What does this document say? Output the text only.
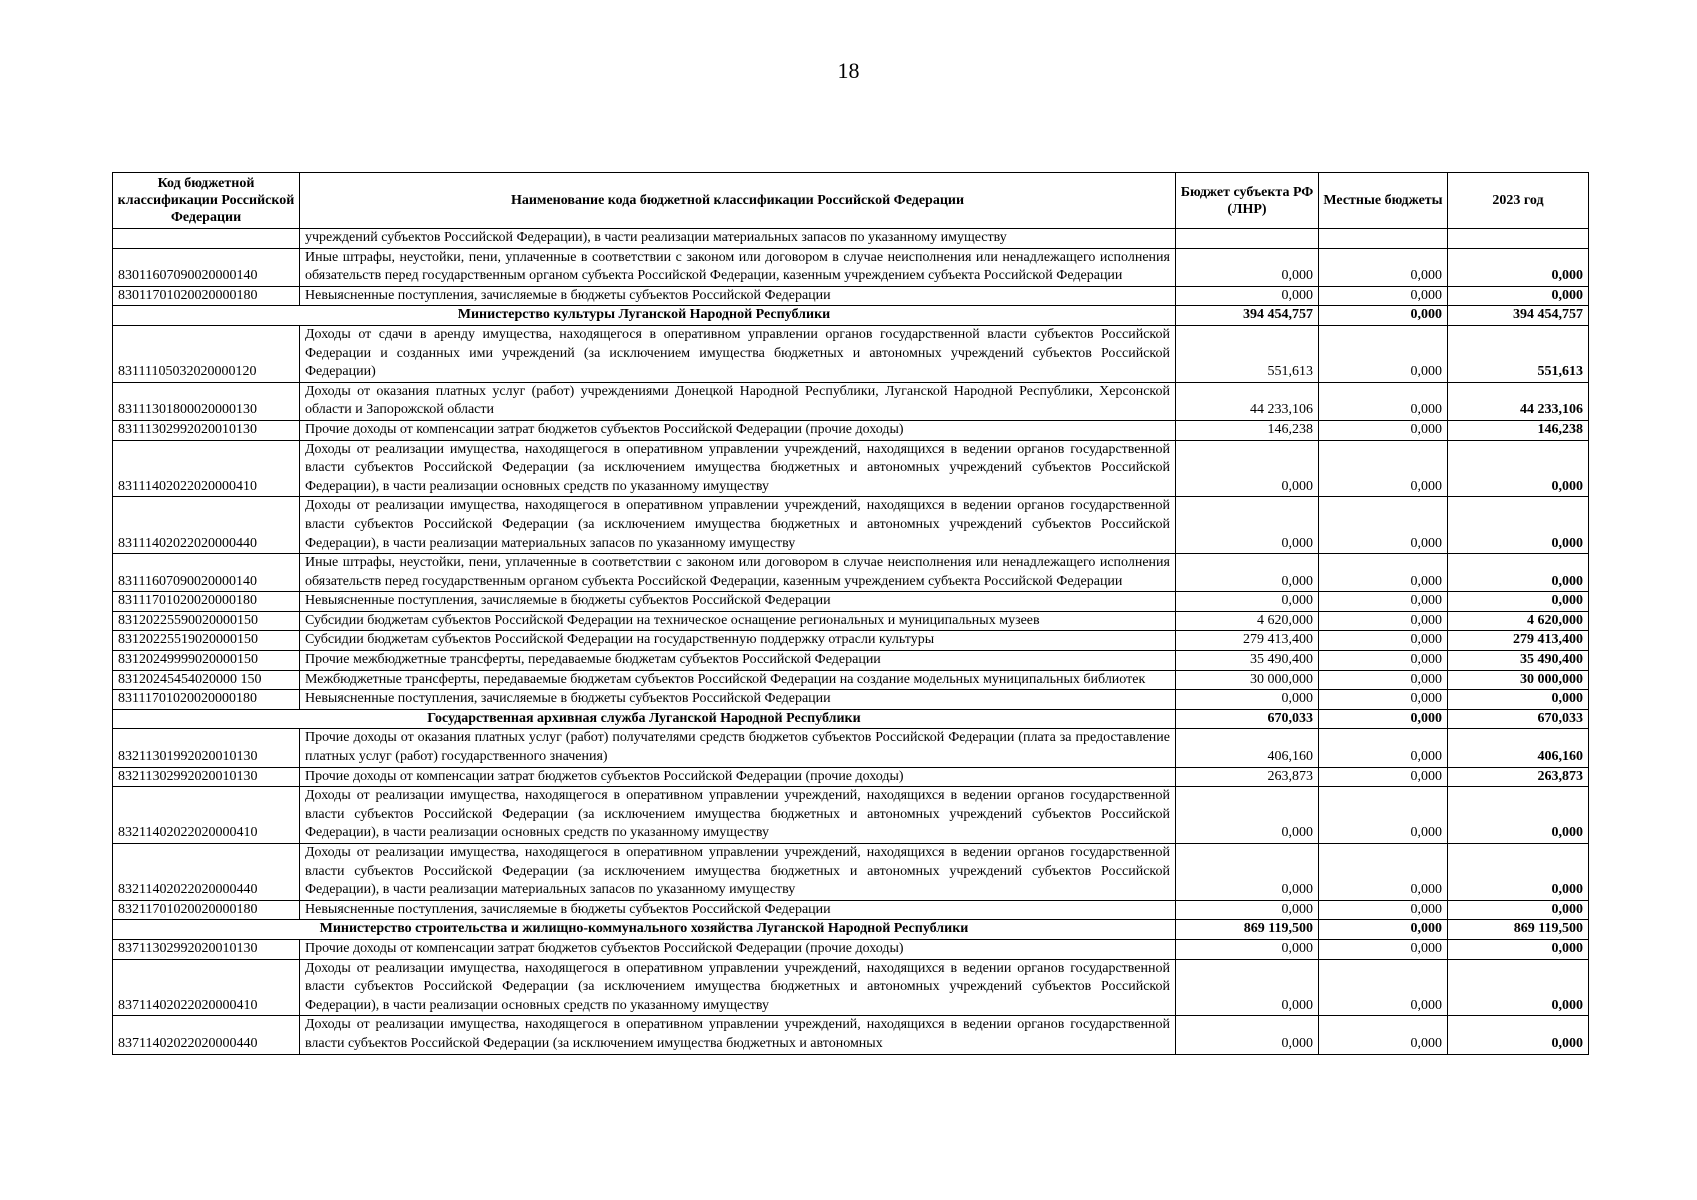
18
Код бюджетной классификации Российской Федерации	Наименование кода бюджетной классификации Российской Федерации	Бюджет субъекта РФ (ЛНР)	Местные бюджеты	2023 год
	учреждений субъектов Российской Федерации), в части реализации материальных запасов по указанному имуществу			
83011607090020000140	Иные штрафы, неустойки, пени, уплаченные в соответствии с законом или договором в случае неисполнения или ненадлежащего исполнения обязательств перед государственным органом субъекта Российской Федерации, казенным учреждением субъекта Российской Федерации	0,000	0,000	0,000
83011701020020000180	Невыясненные поступления, зачисляемые в бюджеты субъектов Российской Федерации	0,000	0,000	0,000
Министерство культуры Луганской Народной Республики		394 454,757	0,000	394 454,757
83111105032020000120	Доходы от сдачи в аренду имущества, находящегося в оперативном управлении органов государственной власти субъектов Российской Федерации и созданных ими учреждений (за исключением имущества бюджетных и автономных учреждений субъектов Российской Федерации)	551,613	0,000	551,613
83111301800020000130	Доходы от оказания платных услуг (работ) учреждениями Донецкой Народной Республики, Луганской Народной Республики, Херсонской области и Запорожской области	44 233,106	0,000	44 233,106
83111302992020010130	Прочие доходы от компенсации затрат бюджетов субъектов Российской Федерации (прочие доходы)	146,238	0,000	146,238
83111402022020000410	Доходы от реализации имущества, находящегося в оперативном управлении учреждений, находящихся в ведении органов государственной власти субъектов Российской Федерации (за исключением имущества бюджетных и автономных учреждений субъектов Российской Федерации), в части реализации основных средств по указанному имуществу	0,000	0,000	0,000
83111402022020000440	Доходы от реализации имущества, находящегося в оперативном управлении учреждений, находящихся в ведении органов государственной власти субъектов Российской Федерации (за исключением имущества бюджетных и автономных учреждений субъектов Российской Федерации), в части реализации материальных запасов по указанному имуществу	0,000	0,000	0,000
83111607090020000140	Иные штрафы, неустойки, пени, уплаченные в соответствии с законом или договором в случае неисполнения или ненадлежащего исполнения обязательств перед государственным органом субъекта Российской Федерации, казенным учреждением субъекта Российской Федерации	0,000	0,000	0,000
83111701020020000180	Невыясненные поступления, зачисляемые в бюджеты субъектов Российской Федерации	0,000	0,000	0,000
83120225590020000150	Субсидии бюджетам субъектов Российской Федерации на техническое оснащение региональных и муниципальных музеев	4 620,000	0,000	4 620,000
83120225519020000150	Субсидии бюджетам субъектов Российской Федерации на государственную поддержку отрасли культуры	279 413,400	0,000	279 413,400
83120249999020000150	Прочие межбюджетные трансферты, передаваемые бюджетам субъектов Российской Федерации	35 490,400	0,000	35 490,400
83120245454020000 150	Межбюджетные трансферты, передаваемые бюджетам субъектов Российской Федерации на создание модельных муниципальных библиотек	30 000,000	0,000	30 000,000
83111701020020000180	Невыясненные поступления, зачисляемые в бюджеты субъектов Российской Федерации	0,000	0,000	0,000
Государственная архивная служба Луганской Народной Республики		670,033	0,000	670,033
83211301992020010130	Прочие доходы от оказания платных услуг (работ) получателями средств бюджетов субъектов Российской Федерации (плата за предоставление платных услуг (работ) государственного значения)	406,160	0,000	406,160
83211302992020010130	Прочие доходы от компенсации затрат бюджетов субъектов Российской Федерации (прочие доходы)	263,873	0,000	263,873
83211402022020000410	Доходы от реализации имущества, находящегося в оперативном управлении учреждений, находящихся в ведении органов государственной власти субъектов Российской Федерации (за исключением имущества бюджетных и автономных учреждений субъектов Российской Федерации), в части реализации основных средств по указанному имуществу	0,000	0,000	0,000
83211402022020000440	Доходы от реализации имущества, находящегося в оперативном управлении учреждений, находящихся в ведении органов государственной власти субъектов Российской Федерации (за исключением имущества бюджетных и автономных учреждений субъектов Российской Федерации), в части реализации материальных запасов по указанному имуществу	0,000	0,000	0,000
83211701020020000180	Невыясненные поступления, зачисляемые в бюджеты субъектов Российской Федерации	0,000	0,000	0,000
Министерство строительства и жилищно-коммунального хозяйства Луганской Народной Республики		869 119,500	0,000	869 119,500
83711302992020010130	Прочие доходы от компенсации затрат бюджетов субъектов Российской Федерации (прочие доходы)	0,000	0,000	0,000
83711402022020000410	Доходы от реализации имущества, находящегося в оперативном управлении учреждений, находящихся в ведении органов государственной власти субъектов Российской Федерации (за исключением имущества бюджетных и автономных учреждений субъектов Российской Федерации), в части реализации основных средств по указанному имуществу	0,000	0,000	0,000
83711402022020000440	Доходы от реализации имущества, находящегося в оперативном управлении учреждений, находящихся в ведении органов государственной власти субъектов Российской Федерации (за исключением имущества бюджетных и автономных	0,000	0,000	0,000
